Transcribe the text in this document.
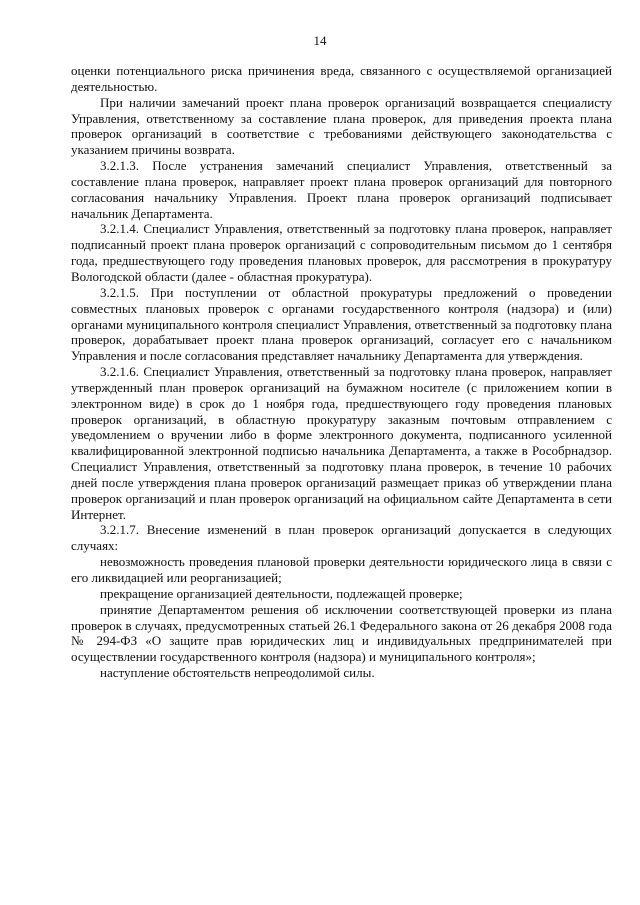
14

оценки потенциального риска причинения вреда, связанного с осуществляемой организацией деятельностью.

При наличии замечаний проект плана проверок организаций возвращается специалисту Управления, ответственному за составление плана проверок, для приведения проекта плана проверок организаций в соответствие с требованиями действующего законодательства с указанием причины возврата.

3.2.1.3. После устранения замечаний специалист Управления, ответственный за составление плана проверок, направляет проект плана проверок организаций для повторного согласования начальнику Управления. Проект плана проверок организаций подписывает начальник Департамента.

3.2.1.4. Специалист Управления, ответственный за подготовку плана проверок, направляет подписанный проект плана проверок организаций с сопроводительным письмом до 1 сентября года, предшествующего году проведения плановых проверок, для рассмотрения в прокуратуру Вологодской области (далее - областная прокуратура).

3.2.1.5. При поступлении от областной прокуратуры предложений о проведении совместных плановых проверок с органами государственного контроля (надзора) и (или) органами муниципального контроля специалист Управления, ответственный за подготовку плана проверок, дорабатывает проект плана проверок организаций, согласует его с начальником Управления и после согласования представляет начальнику Департамента для утверждения.

3.2.1.6. Специалист Управления, ответственный за подготовку плана проверок, направляет утвержденный план проверок организаций на бумажном носителе (с приложением копии в электронном виде) в срок до 1 ноября года, предшествующего году проведения плановых проверок организаций, в областную прокуратуру заказным почтовым отправлением с уведомлением о вручении либо в форме электронного документа, подписанного усиленной квалифицированной электронной подписью начальника Департамента, а также в Рособрнадзор. Специалист Управления, ответственный за подготовку плана проверок, в течение 10 рабочих дней после утверждения плана проверок организаций размещает приказ об утверждении плана проверок организаций и план проверок организаций на официальном сайте Департамента в сети Интернет.

3.2.1.7. Внесение изменений в план проверок организаций допускается в следующих случаях:

невозможность проведения плановой проверки деятельности юридического лица в связи с его ликвидацией или реорганизацией;

прекращение организацией деятельности, подлежащей проверке;

принятие Департаментом решения об исключении соответствующей проверки из плана проверок в случаях, предусмотренных статьей 26.1 Федерального закона от 26 декабря 2008 года № 294-ФЗ «О защите прав юридических лиц и индивидуальных предпринимателей при осуществлении государственного контроля (надзора) и муниципального контроля»;

наступление обстоятельств непреодолимой силы.
